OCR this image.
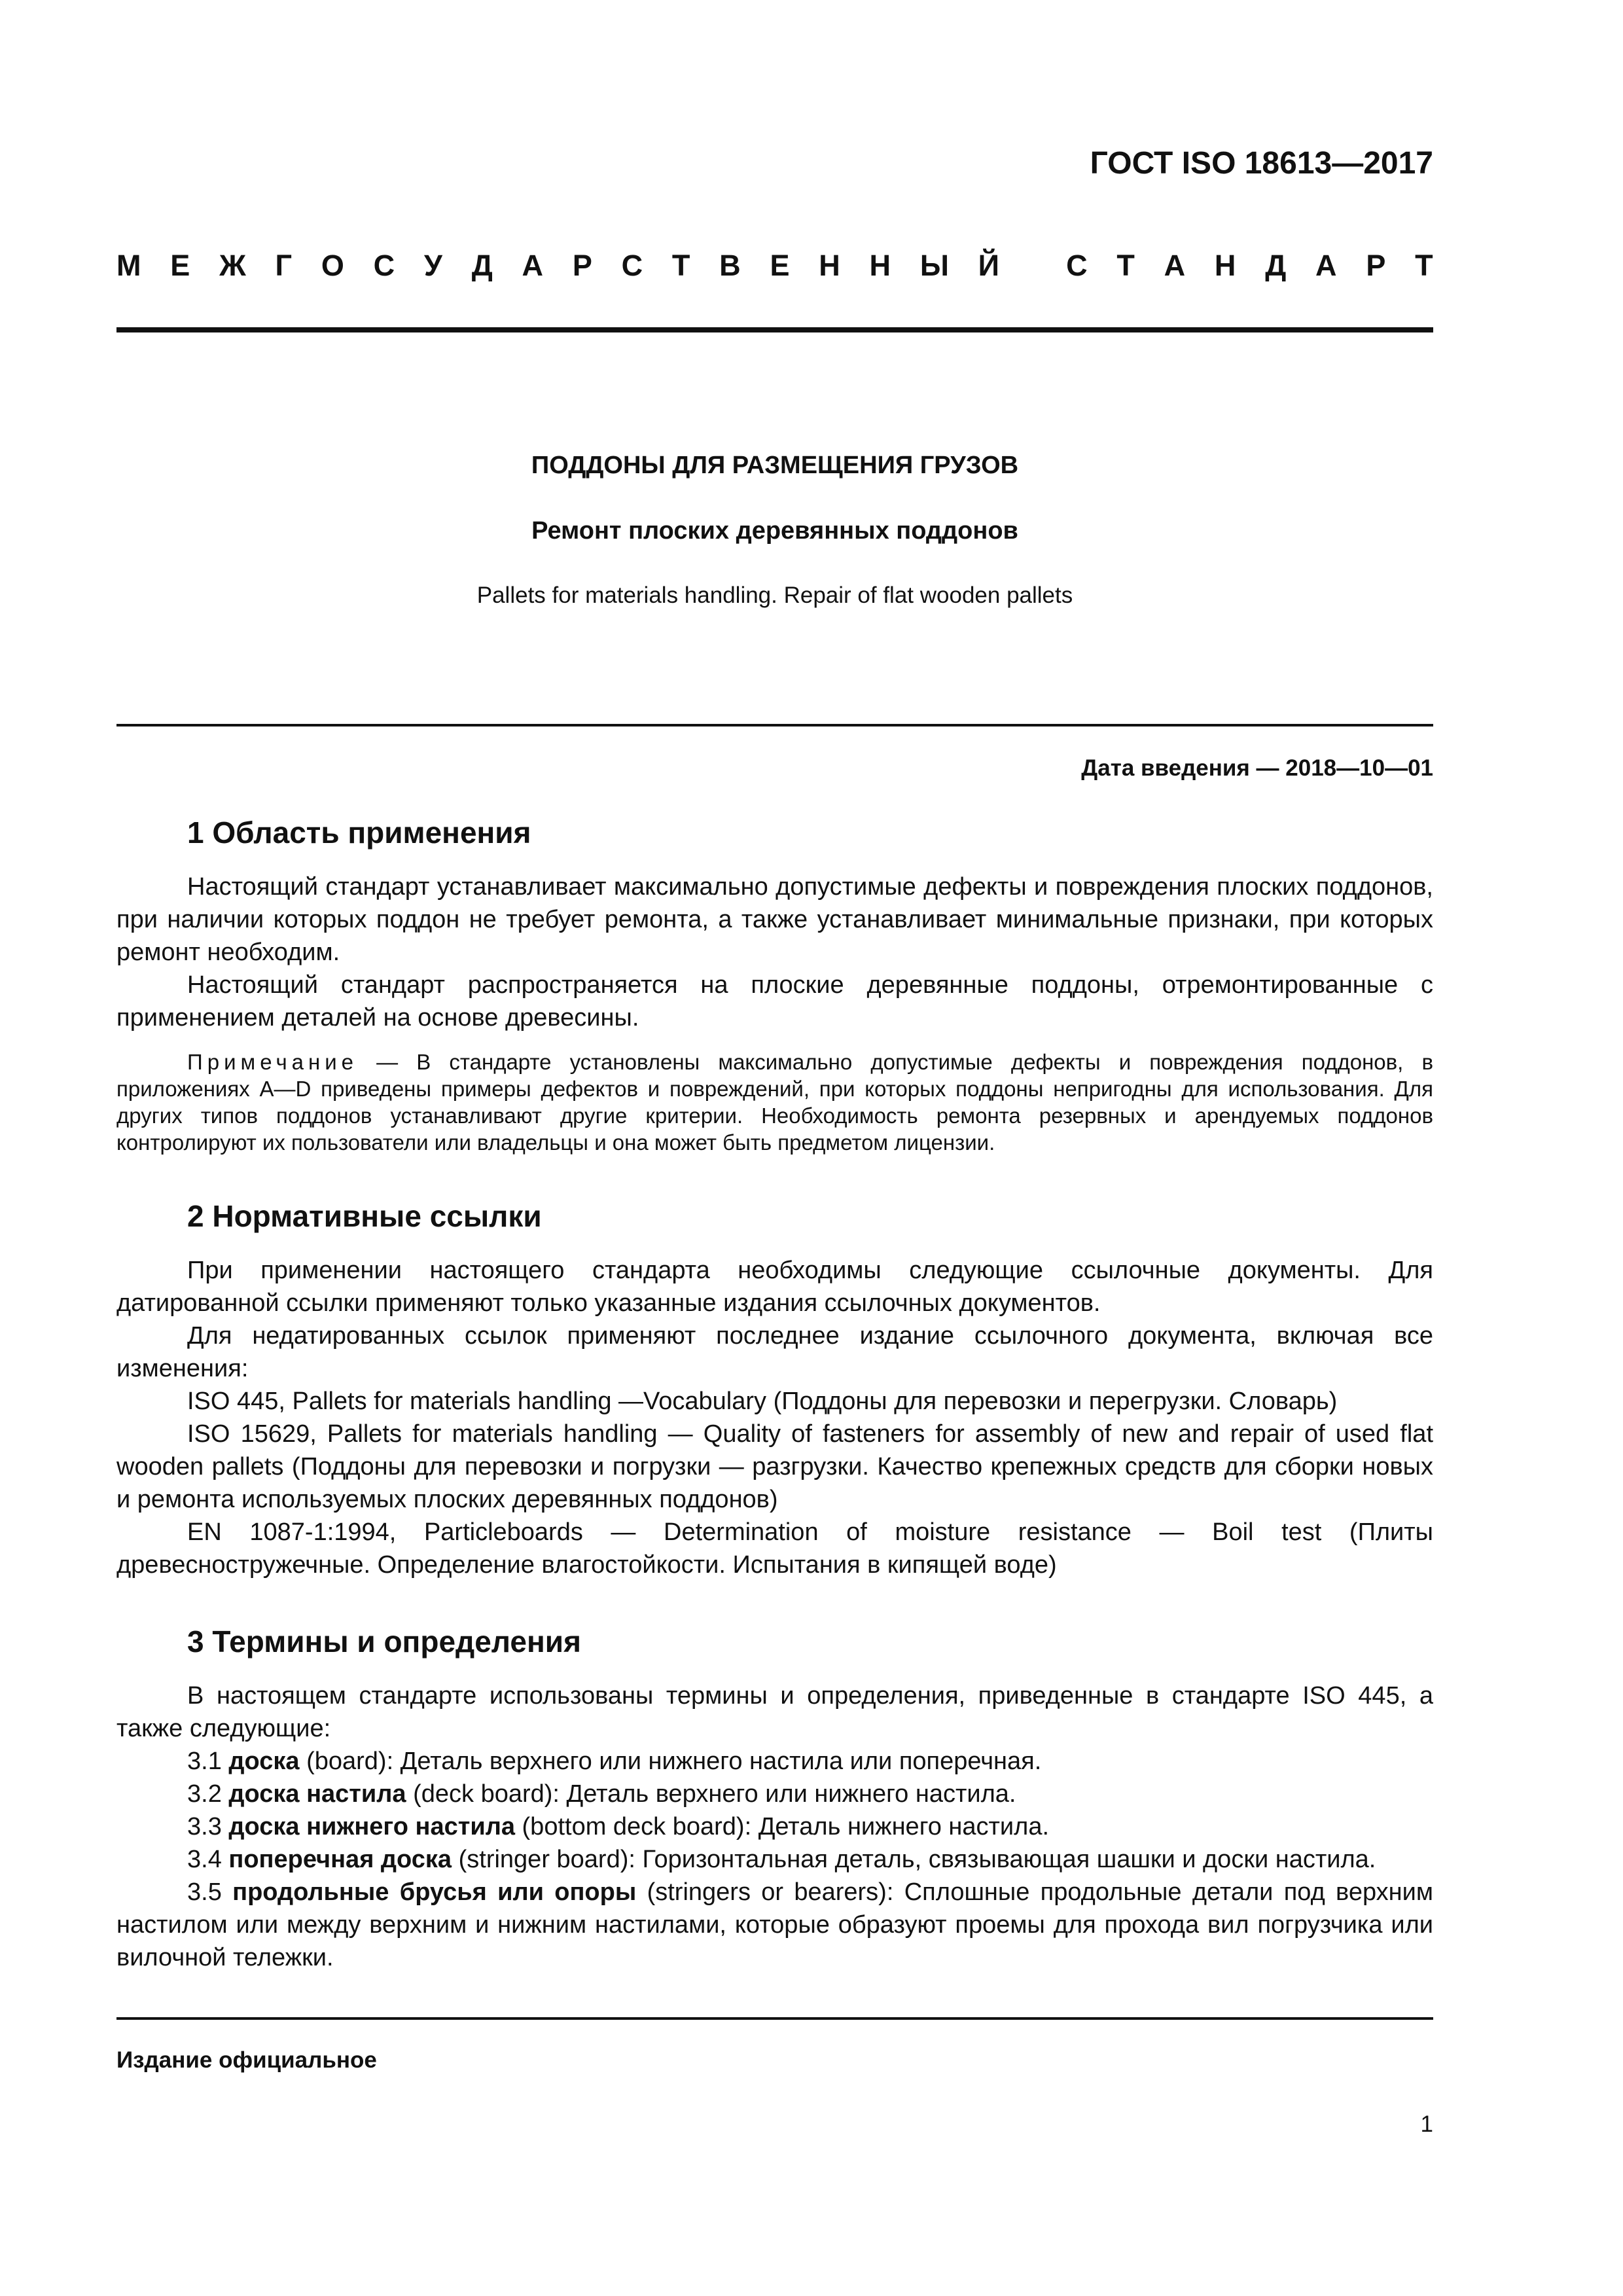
ГОСТ ISO 18613—2017
М Е Ж Г О С У Д А Р С Т В Е Н Н Ы Й
С Т А Н Д А Р Т
ПОДДОНЫ ДЛЯ РАЗМЕЩЕНИЯ ГРУЗОВ
Ремонт плоских деревянных поддонов
Pallets for materials handling. Repair of flat wooden pallets
Дата введения — 2018—10—01
1 Область применения

Настоящий стандарт устанавливает максимально допустимые дефекты и повреждения плоских поддонов, при наличии которых поддон не требует ремонта, а также устанавливает минимальные признаки, при которых ремонт необходим.

Настоящий стандарт распространяется на плоские деревянные поддоны, отремонтированные с применением деталей на основе древесины.

Примечание — В стандарте установлены максимально допустимые дефекты и повреждения поддонов, в приложениях A—D приведены примеры дефектов и повреждений, при которых поддоны непригодны для использования. Для других типов поддонов устанавливают другие критерии. Необходимость ремонта резервных и арендуемых поддонов контролируют их пользователи или владельцы и она может быть предметом лицензии.

2 Нормативные ссылки

При применении настоящего стандарта необходимы следующие ссылочные документы. Для датированной ссылки применяют только указанные издания ссылочных документов.

Для недатированных ссылок применяют последнее издание ссылочного документа, включая все изменения:

ISO 445, Pallets for materials handling —Vocabulary (Поддоны для перевозки и перегрузки. Словарь)

ISO 15629, Pallets for materials handling — Quality of fasteners for assembly of new and repair of used flat wooden pallets (Поддоны для перевозки и погрузки — разгрузки. Качество крепежных средств для сборки новых и ремонта используемых плоских деревянных поддонов)

EN 1087-1:1994, Particleboards — Determination of moisture resistance — Boil test (Плиты древесностружечные. Определение влагостойкости. Испытания в кипящей воде)

3 Термины и определения

В настоящем стандарте использованы термины и определения, приведенные в стандарте ISO 445, а также следующие:

3.1 доска (board): Деталь верхнего или нижнего настила или поперечная.

3.2 доска настила (deck board): Деталь верхнего или нижнего настила.

3.3 доска нижнего настила (bottom deck board): Деталь нижнего настила.

3.4 поперечная доска (stringer board): Горизонтальная деталь, связывающая шашки и доски настила.

3.5 продольные брусья или опоры (stringers or bearers): Сплошные продольные детали под верхним настилом или между верхним и нижним настилами, которые образуют проемы для прохода вил погрузчика или вилочной тележки.

Издание официальное
1
